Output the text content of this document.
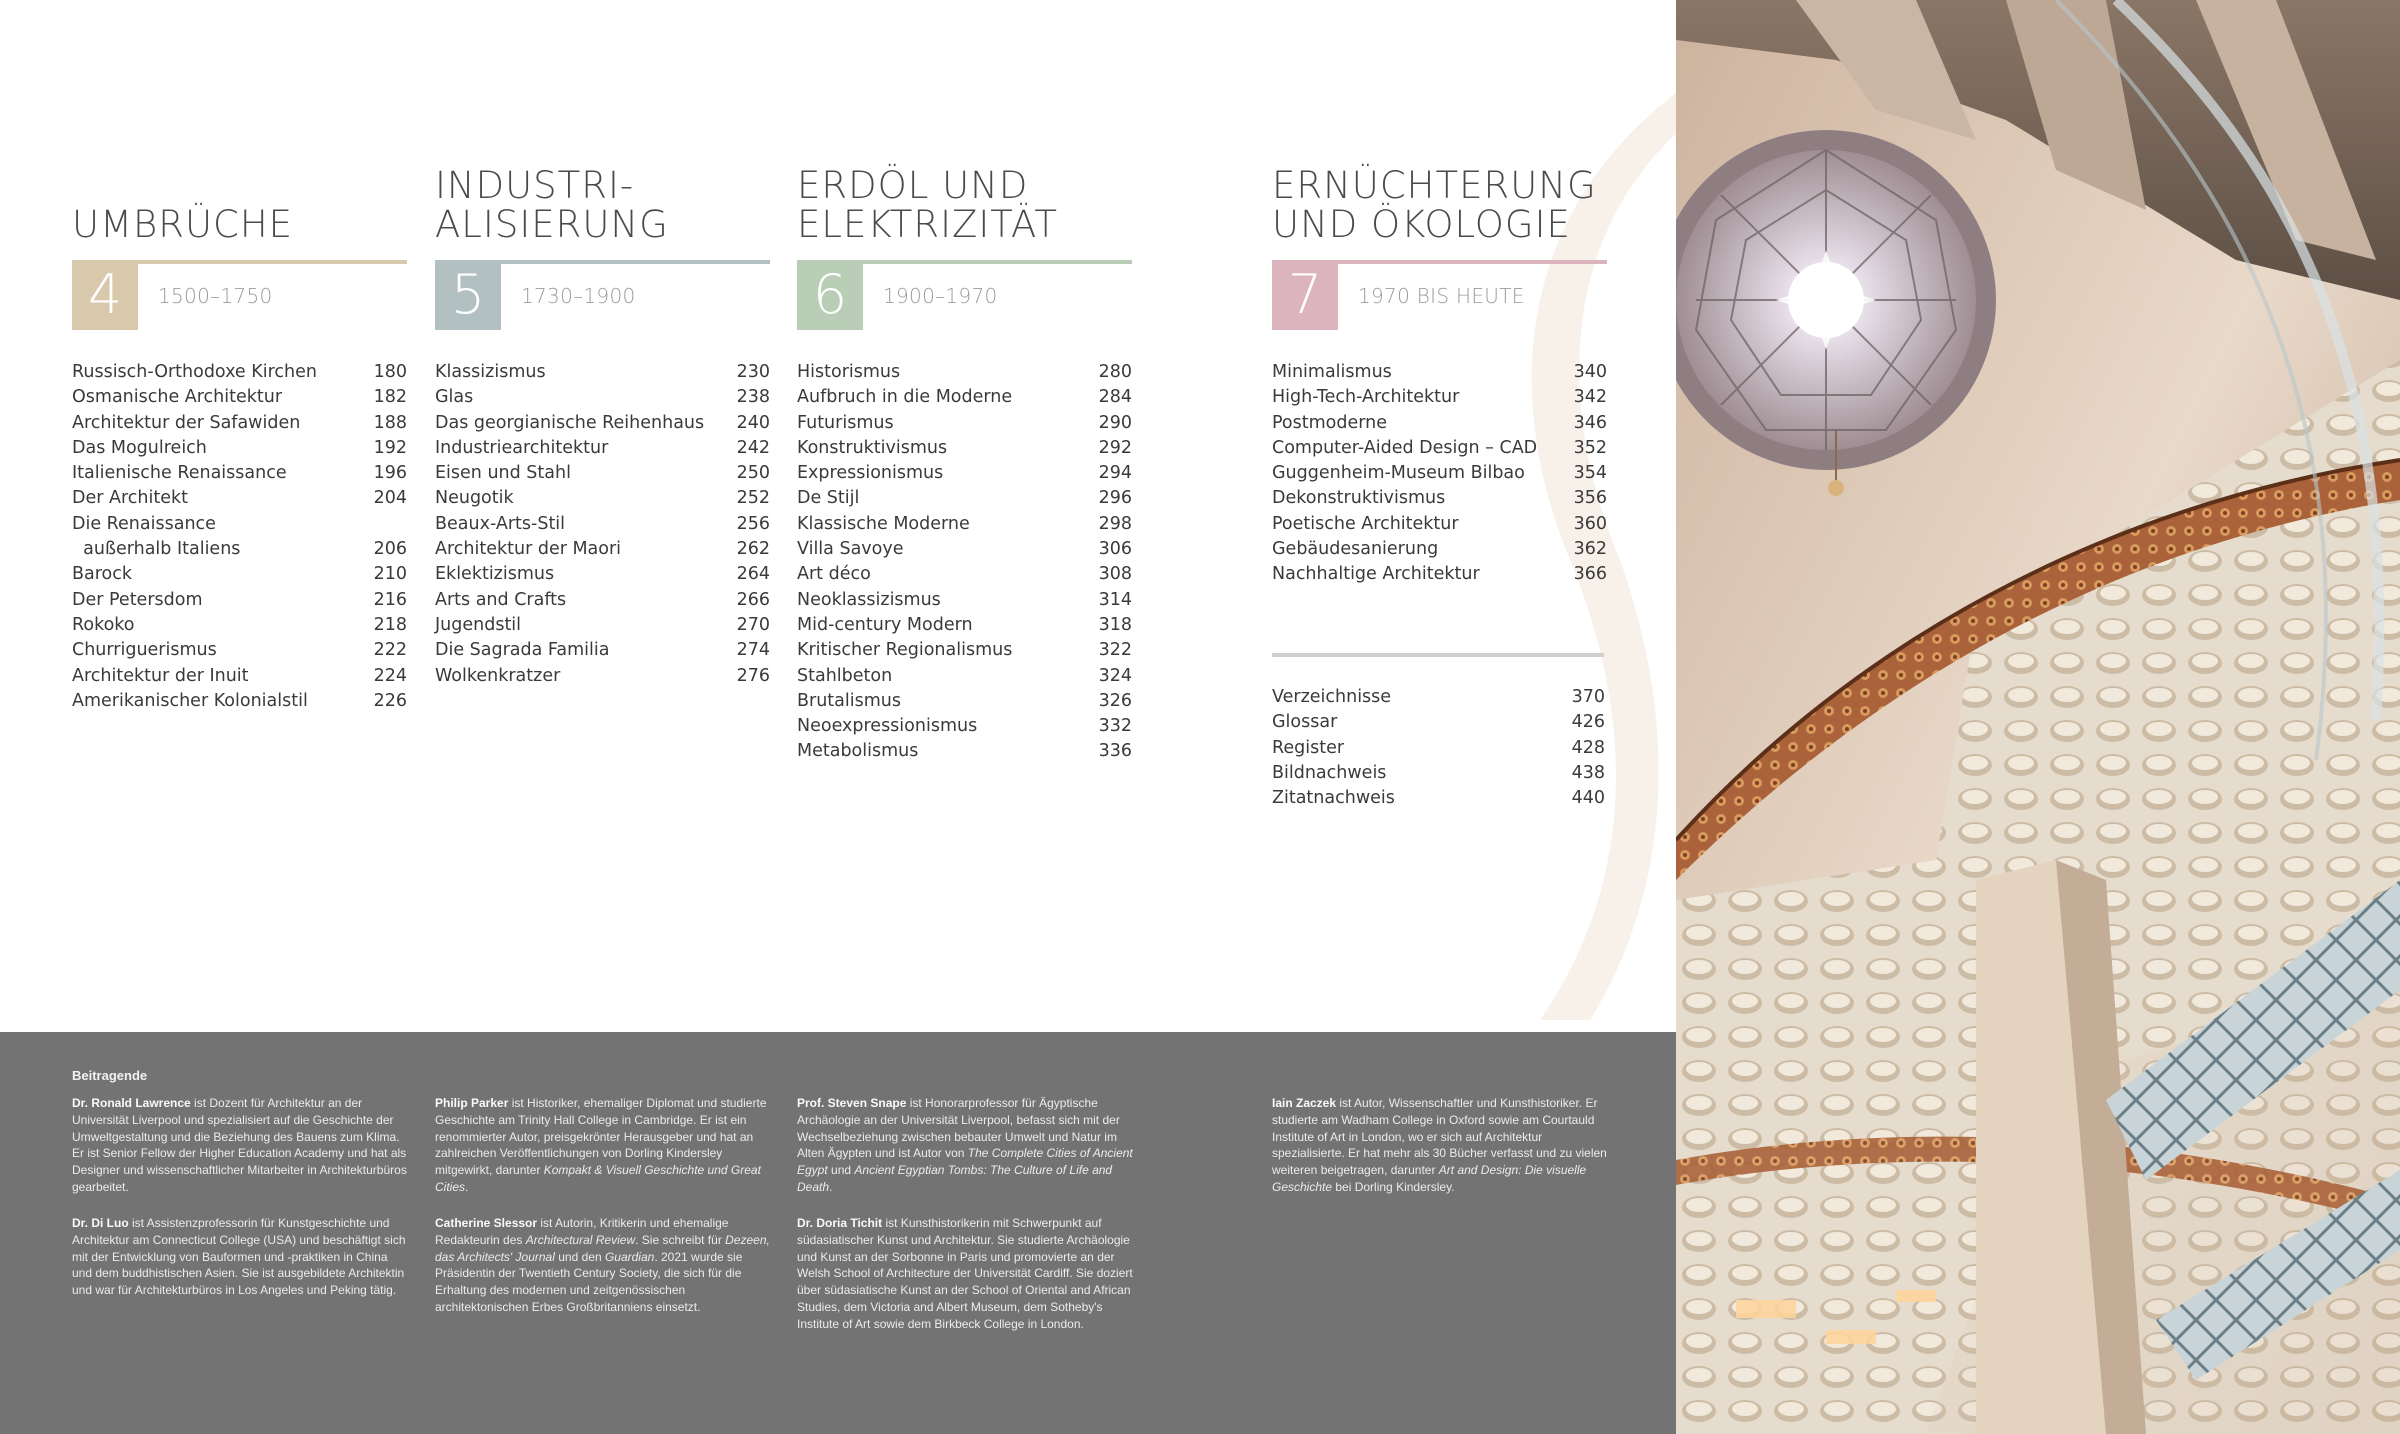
UMBRÜCHE
4	1500–1750
Russisch-Orthodoxe Kirchen	180
Osmanische Architektur	182
Architektur der Safawiden	188
Das Mogulreich	192
Italienische Renaissance	196
Der Architekt	204
Die Renaissance
außerhalb Italiens	206
Barock	210
Der Petersdom	216
Rokoko	218
Churriguerismus	222
Architektur der Inuit	224
Amerikanischer Kolonialstil	226
INDUSTRI-
ALISIERUNG
5	1730–1900
Klassizismus	230
Glas	238
Das georgianische Reihenhaus 240
Industriearchitektur	242
Eisen und Stahl	250
Neugotik	252
Beaux-Arts-Stil	256
Architektur der Maori	262
Eklektizismus	264
Arts and Crafts	266
Jugendstil	270
Die Sagrada Familia	274
Wolkenkratzer	276
ERDÖL UND
ELEKTRIZITÄT
6	1900–1970
Historismus	280
Aufbruch in die Moderne	284
Futurismus	290
Konstruktivismus	292
Expressionismus	294
De Stijl	296
Klassische Moderne	298
Villa Savoye	306
Art déco	308
Neoklassizismus	314
Mid-century Modern	318
Kritischer Regionalismus	322
Stahlbeton	324
Brutalismus	326
Neoexpressionismus	332
Metabolismus	336
ERNÜCHTERUNG
UND ÖKOLOGIE
7	1970 BIS HEUTE
Minimalismus	340
High-Tech-Architektur	342
Postmoderne	346
Computer-Aided Design – CAD 352
Guggenheim-Museum Bilbao	354
Dekonstruktivismus	356
Poetische Architektur	360
Gebäudesanierung	362
Nachhaltige Architektur	366
Verzeichnisse	370
Glossar	426
Register	428
Bildnachweis	438
Zitatnachweis	440
Beitragende

Dr. Ronald Lawrence ist Dozent für Architektur an der Universität Liverpool und spezialisiert auf die Geschichte der Umweltgestaltung und die Beziehung des Bauens zum Klima. Er ist Senior Fellow der Higher Education Academy und hat als Designer und wissenschaftlicher Mitarbeiter in Architekturbüros gearbeitet.

Dr. Di Luo ist Assistenzprofessorin für Kunstgeschichte und Architektur am Connecticut College (USA) und beschäftigt sich mit der Entwicklung von Bauformen und -praktiken in China und dem buddhistischen Asien. Sie ist ausgebildete Architektin und war für Architekturbüros in Los Angeles und Peking tätig.

Philip Parker ist Historiker, ehemaliger Diplomat und studierte Geschichte am Trinity Hall College in Cambridge. Er ist ein renommierter Autor, preisgekrönter Herausgeber und hat an zahlreichen Veröffentlichungen von Dorling Kindersley mitgewirkt, darunter Kompakt & Visuell Geschichte und Great Cities.

Catherine Slessor ist Autorin, Kritikerin und ehemalige Redakteurin des Architectural Review. Sie schreibt für Dezeen, das Architects' Journal und den Guardian. 2021 wurde sie Präsidentin der Twentieth Century Society, die sich für die Erhaltung des modernen und zeitgenössischen architektonischen Erbes Großbritanniens einsetzt.

Prof. Steven Snape ist Honorarprofessor für Ägyptische Archäologie an der Universität Liverpool, befasst sich mit der Wechselbeziehung zwischen bebauter Umwelt und Natur im Alten Ägypten und ist Autor von The Complete Cities of Ancient Egypt und Ancient Egyptian Tombs: The Culture of Life and Death.

Dr. Doria Tichit ist Kunsthistorikerin mit Schwerpunkt auf südasiatischer Kunst und Architektur. Sie studierte Archäologie und Kunst an der Sorbonne in Paris und promovierte an der Welsh School of Architecture der Universität Cardiff. Sie doziert über südasiatische Kunst an der School of Oriental and African Studies, dem Victoria and Albert Museum, dem Sotheby's Institute of Art sowie dem Birkbeck College in London.

Iain Zaczek ist Autor, Wissenschaftler und Kunsthistoriker. Er studierte am Wadham College in Oxford sowie am Courtauld Institute of Art in London, wo er sich auf Architektur spezialisierte. Er hat mehr als 30 Bücher verfasst und zu vielen weiteren beigetragen, darunter Art and Design: Die visuelle Geschichte bei Dorling Kindersley.
